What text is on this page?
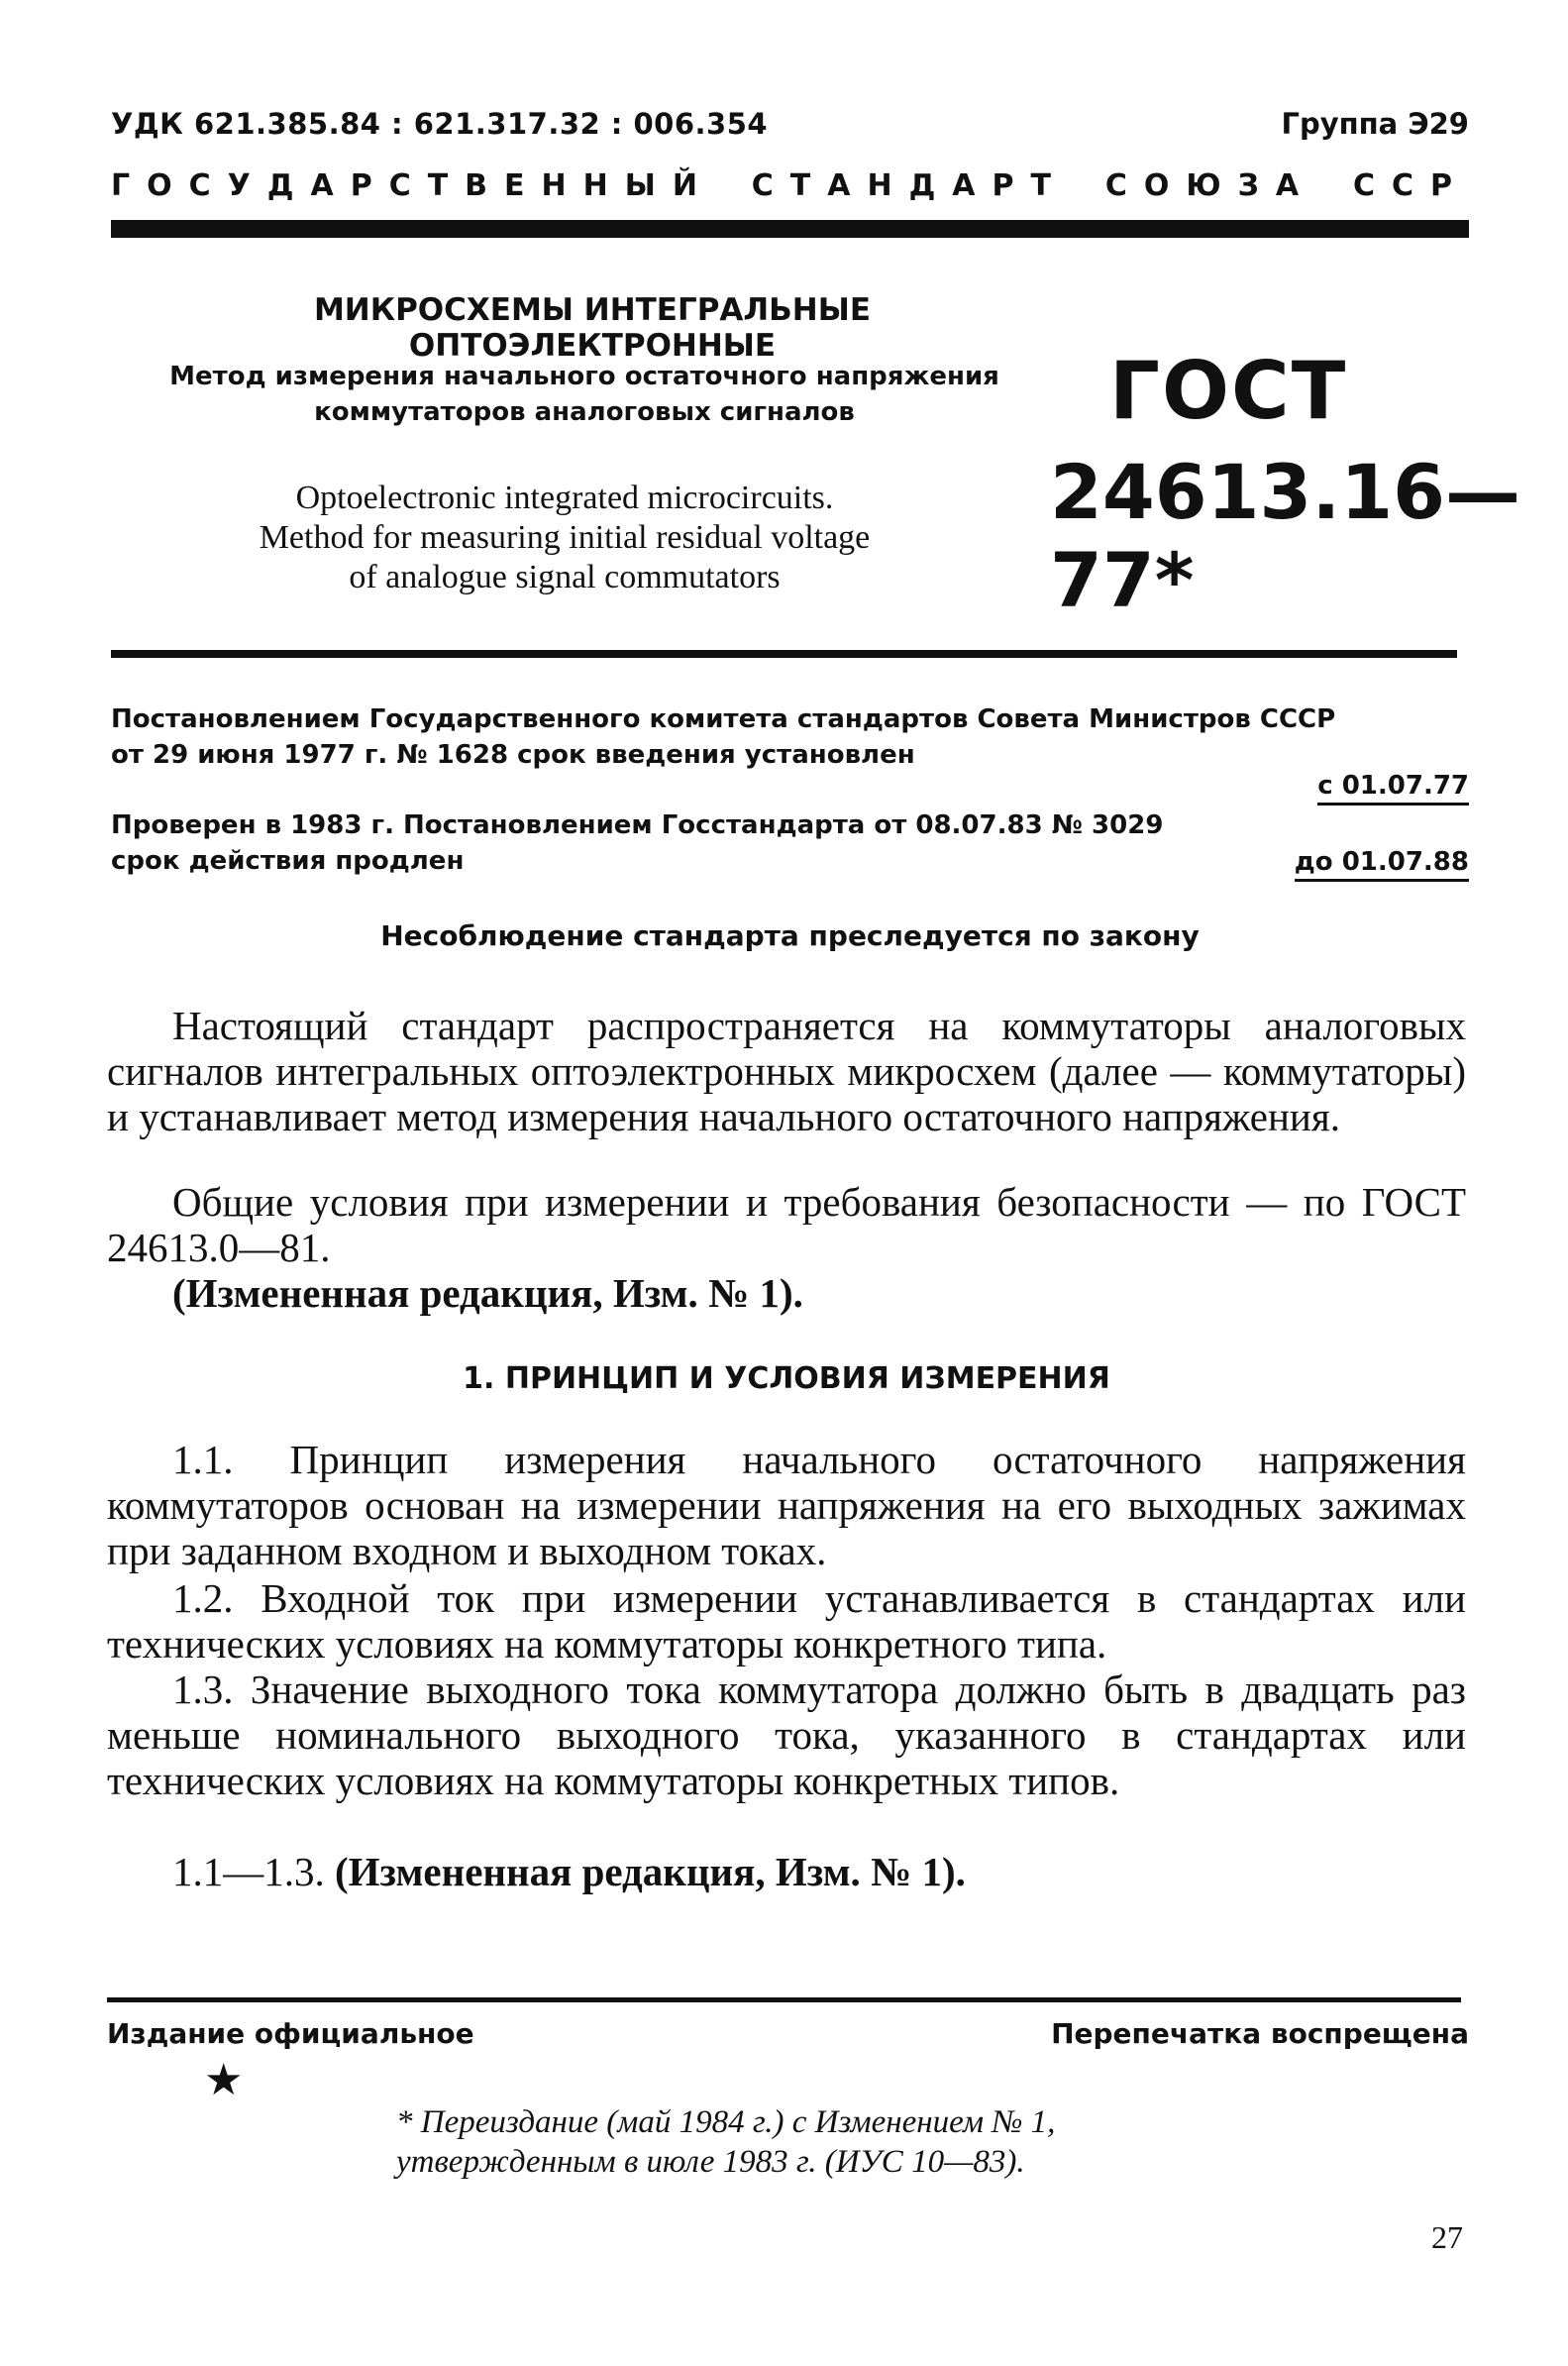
УДК 621.385.84 : 621.317.32 : 006.354	Группа Э29
ГОСУДАРСТВЕННЫЙ СТАНДАРТ СОЮЗА ССР
МИКРОСХЕМЫ ИНТЕГРАЛЬНЫЕ ОПТОЭЛЕКТРОННЫЕ
Метод измерения начального остаточного напряжения
коммутаторов аналоговых сигналов
Optoelectronic integrated microcircuits.
Method for measuring initial residual voltage
of analogue signal commutators
ГОСТ
24613.16—77*
Постановлением Государственного комитета стандартов Совета Министров СССР
от 29 июня 1977 г. № 1628 срок введения установлен
с 01.07.77
Проверен в 1983 г. Постановлением Госстандарта от 08.07.83 № 3029
срок действия продлен	до 01.07.88
Несоблюдение стандарта преследуется по закону

Настоящий стандарт распространяется на коммутаторы аналоговых сигналов интегральных оптоэлектронных микросхем (далее — коммутаторы) и устанавливает метод измерения начального остаточного напряжения.

Общие условия при измерении и требования безопасности — по ГОСТ 24613.0—81.

(Измененная редакция, Изм. № 1).

1. ПРИНЦИП И УСЛОВИЯ ИЗМЕРЕНИЯ

1.1. Принцип измерения начального остаточного напряжения коммутаторов основан на измерении напряжения на его выходных зажимах при заданном входном и выходном токах.

1.2. Входной ток при измерении устанавливается в стандартах или технических условиях на коммутаторы конкретного типа.

1.3. Значение выходного тока коммутатора должно быть в двадцать раз меньше номинального выходного тока, указанного в стандартах или технических условиях на коммутаторы конкретных типов.

1.1—1.3. (Измененная редакция, Изм. № 1).

Издание официальное	Перепечатка воспрещена
★
* Переиздание (май 1984 г.) с Изменением № 1,
утвержденным в июле 1983 г. (ИУС 10—83).
27
